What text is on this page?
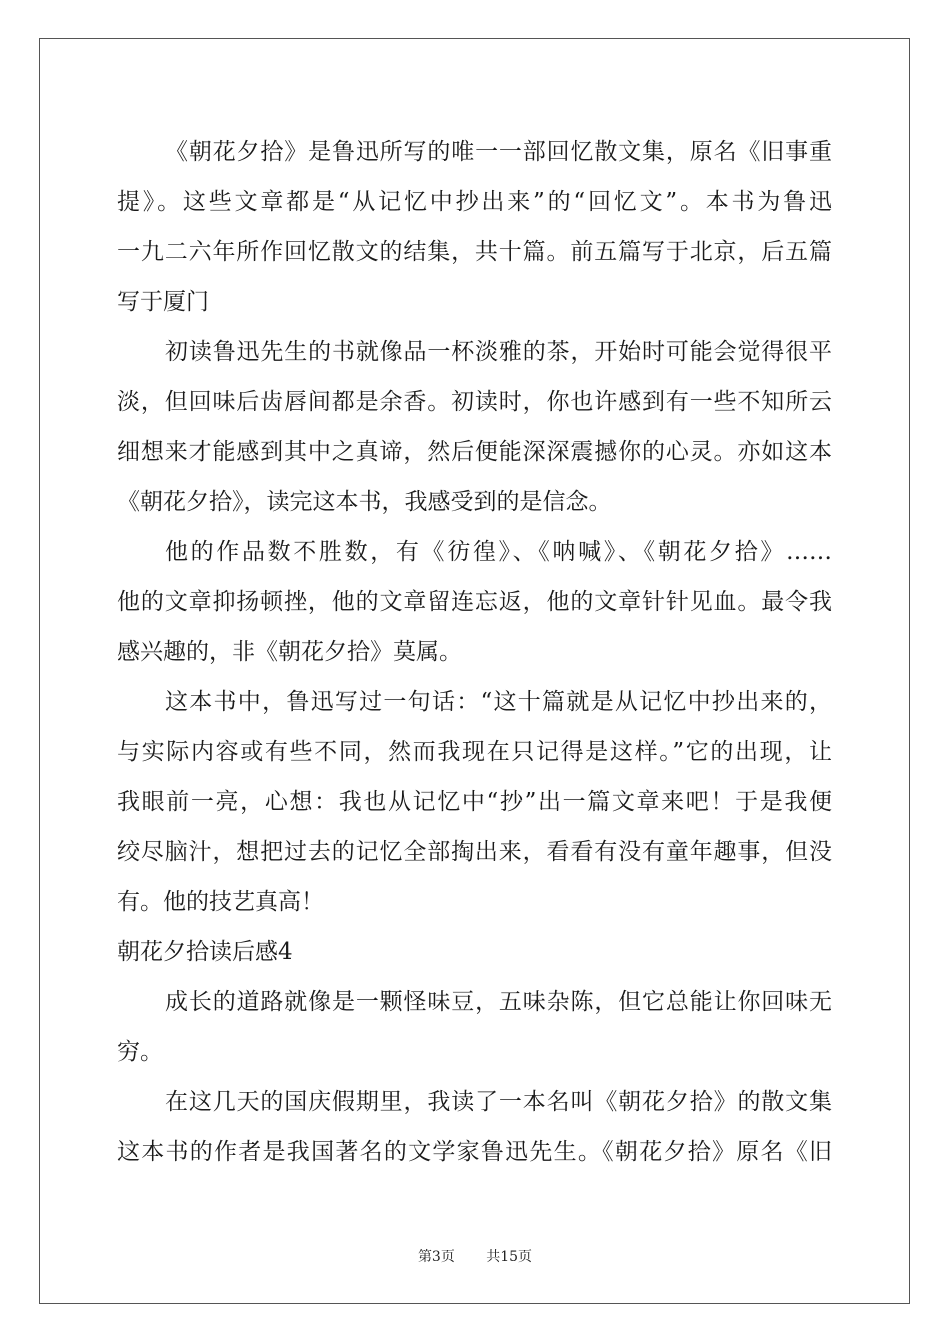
《朝花夕拾》是鲁迅所写的唯一一部回忆散文集，原名《旧事重
提》。这些文章都是“从记忆中抄出来”的“回忆文”。本书为鲁迅
一九二六年所作回忆散文的结集，共十篇。前五篇写于北京，后五篇
写于厦门
初读鲁迅先生的书就像品一杯淡雅的茶，开始时可能会觉得很平
淡，但回味后齿唇间都是余香。初读时，你也许感到有一些不知所云
细想来才能感到其中之真谛，然后便能深深震撼你的心灵。亦如这本
《朝花夕拾》，读完这本书，我感受到的是信念。
他的作品数不胜数，有《彷徨》、《呐喊》、《朝花夕拾》……
他的文章抑扬顿挫，他的文章留连忘返，他的文章针针见血。最令我
感兴趣的，非《朝花夕拾》莫属。
这本书中，鲁迅写过一句话：“这十篇就是从记忆中抄出来的，
与实际内容或有些不同，然而我现在只记得是这样。”它的出现，让
我眼前一亮，心想：我也从记忆中“抄”出一篇文章来吧！于是我便
绞尽脑汁，想把过去的记忆全部掏出来，看看有没有童年趣事，但没
有。他的技艺真高！
朝花夕拾读后感4
成长的道路就像是一颗怪味豆，五味杂陈，但它总能让你回味无
穷。
在这几天的国庆假期里，我读了一本名叫《朝花夕拾》的散文集
这本书的作者是我国著名的文学家鲁迅先生。《朝花夕拾》原名《旧
第3页 共15页
